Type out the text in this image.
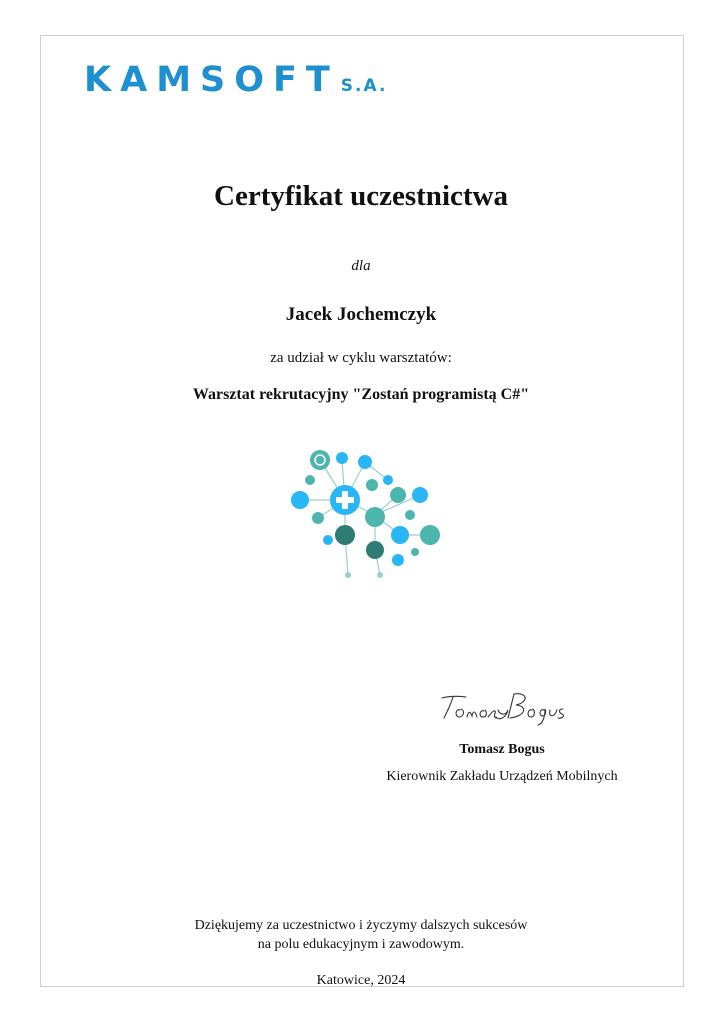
KAMSOFT S.A.
Certyfikat uczestnictwa
dla
Jacek Jochemczyk
za udział w cyklu warsztatów:
Warsztat rekrutacyjny "Zostań programistą C#"
Tomasz Bogus
Kierownik Zakładu Urządzeń Mobilnych
Dziękujemy za uczestnictwo i życzymy dalszych sukcesów
na polu edukacyjnym i zawodowym.
Katowice, 2024
